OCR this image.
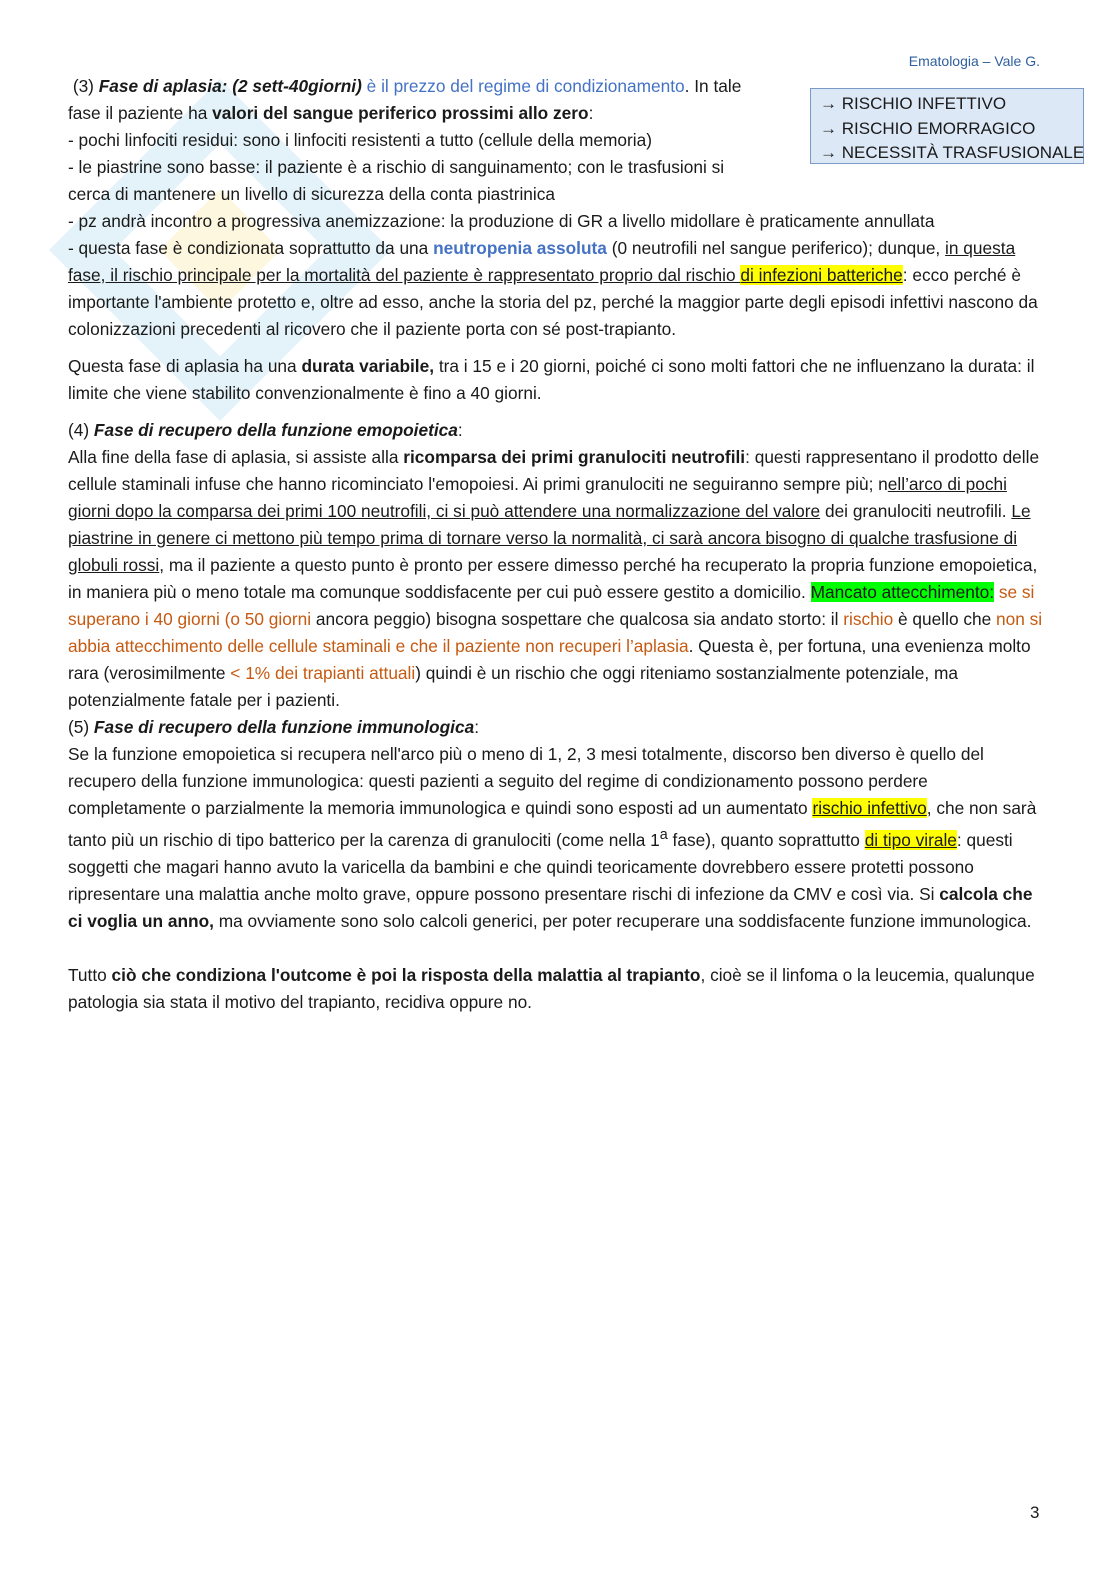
Ematologia – Vale G.
→ RISCHIO INFETTIVO
→ RISCHIO EMORRAGICO
→ NECESSITÀ TRASFUSIONALE

(3) Fase di aplasia: (2 sett-40giorni) è il prezzo del regime di condizionamento. In tale

fase il paziente ha valori del sangue periferico prossimi allo zero:

- pochi linfociti residui: sono i linfociti resistenti a tutto (cellule della memoria)

- le piastrine sono basse: il paziente è a rischio di sanguinamento; con le trasfusioni si

cerca di mantenere un livello di sicurezza della conta piastrinica

- pz andrà incontro a progressiva anemizzazione: la produzione di GR a livello midollare è praticamente annullata

- questa fase è condizionata soprattutto da una neutropenia assoluta (0 neutrofili nel sangue periferico); dunque, in questa fase, il rischio principale per la mortalità del paziente è rappresentato proprio dal rischio di infezioni batteriche: ecco perché è importante l'ambiente protetto e, oltre ad esso, anche la storia del pz, perché la maggior parte degli episodi infettivi nascono da colonizzazioni precedenti al ricovero che il paziente porta con sé post-trapianto.

Questa fase di aplasia ha una durata variabile, tra i 15 e i 20 giorni, poiché ci sono molti fattori che ne influenzano la durata: il limite che viene stabilito convenzionalmente è fino a 40 giorni.

(4) Fase di recupero della funzione emopoietica:

Alla fine della fase di aplasia, si assiste alla ricomparsa dei primi granulociti neutrofili: questi rappresentano il prodotto delle cellule staminali infuse che hanno ricominciato l'emopoiesi. Ai primi granulociti ne seguiranno sempre più; nell’arco di pochi giorni dopo la comparsa dei primi 100 neutrofili, ci si può attendere una normalizzazione del valore dei granulociti neutrofili. Le piastrine in genere ci mettono più tempo prima di tornare verso la normalità, ci sarà ancora bisogno di qualche trasfusione di globuli rossi, ma il paziente a questo punto è pronto per essere dimesso perché ha recuperato la propria funzione emopoietica, in maniera più o meno totale ma comunque soddisfacente per cui può essere gestito a domicilio. Mancato attecchimento: se si superano i 40 giorni (o 50 giorni ancora peggio) bisogna sospettare che qualcosa sia andato storto: il rischio è quello che non si abbia attecchimento delle cellule staminali e che il paziente non recuperi l’aplasia. Questa è, per fortuna, una evenienza molto rara (verosimilmente < 1% dei trapianti attuali) quindi è un rischio che oggi riteniamo sostanzialmente potenziale, ma potenzialmente fatale per i pazienti.

(5) Fase di recupero della funzione immunologica:

Se la funzione emopoietica si recupera nell'arco più o meno di 1, 2, 3 mesi totalmente, discorso ben diverso è quello del recupero della funzione immunologica: questi pazienti a seguito del regime di condizionamento possono perdere completamente o parzialmente la memoria immunologica e quindi sono esposti ad un aumentato rischio infettivo, che non sarà tanto più un rischio di tipo batterico per la carenza di granulociti (come nella 1$^a$ fase), quanto soprattutto di tipo virale: questi soggetti che magari hanno avuto la varicella da bambini e che quindi teoricamente dovrebbero essere protetti possono ripresentare una malattia anche molto grave, oppure possono presentare rischi di infezione da CMV e così via. Si calcola che ci voglia un anno, ma ovviamente sono solo calcoli generici, per poter recuperare una soddisfacente funzione immunologica.

Tutto ciò che condiziona l'outcome è poi la risposta della malattia al trapianto, cioè se il linfoma o la leucemia, qualunque patologia sia stata il motivo del trapianto, recidiva oppure no.

3
